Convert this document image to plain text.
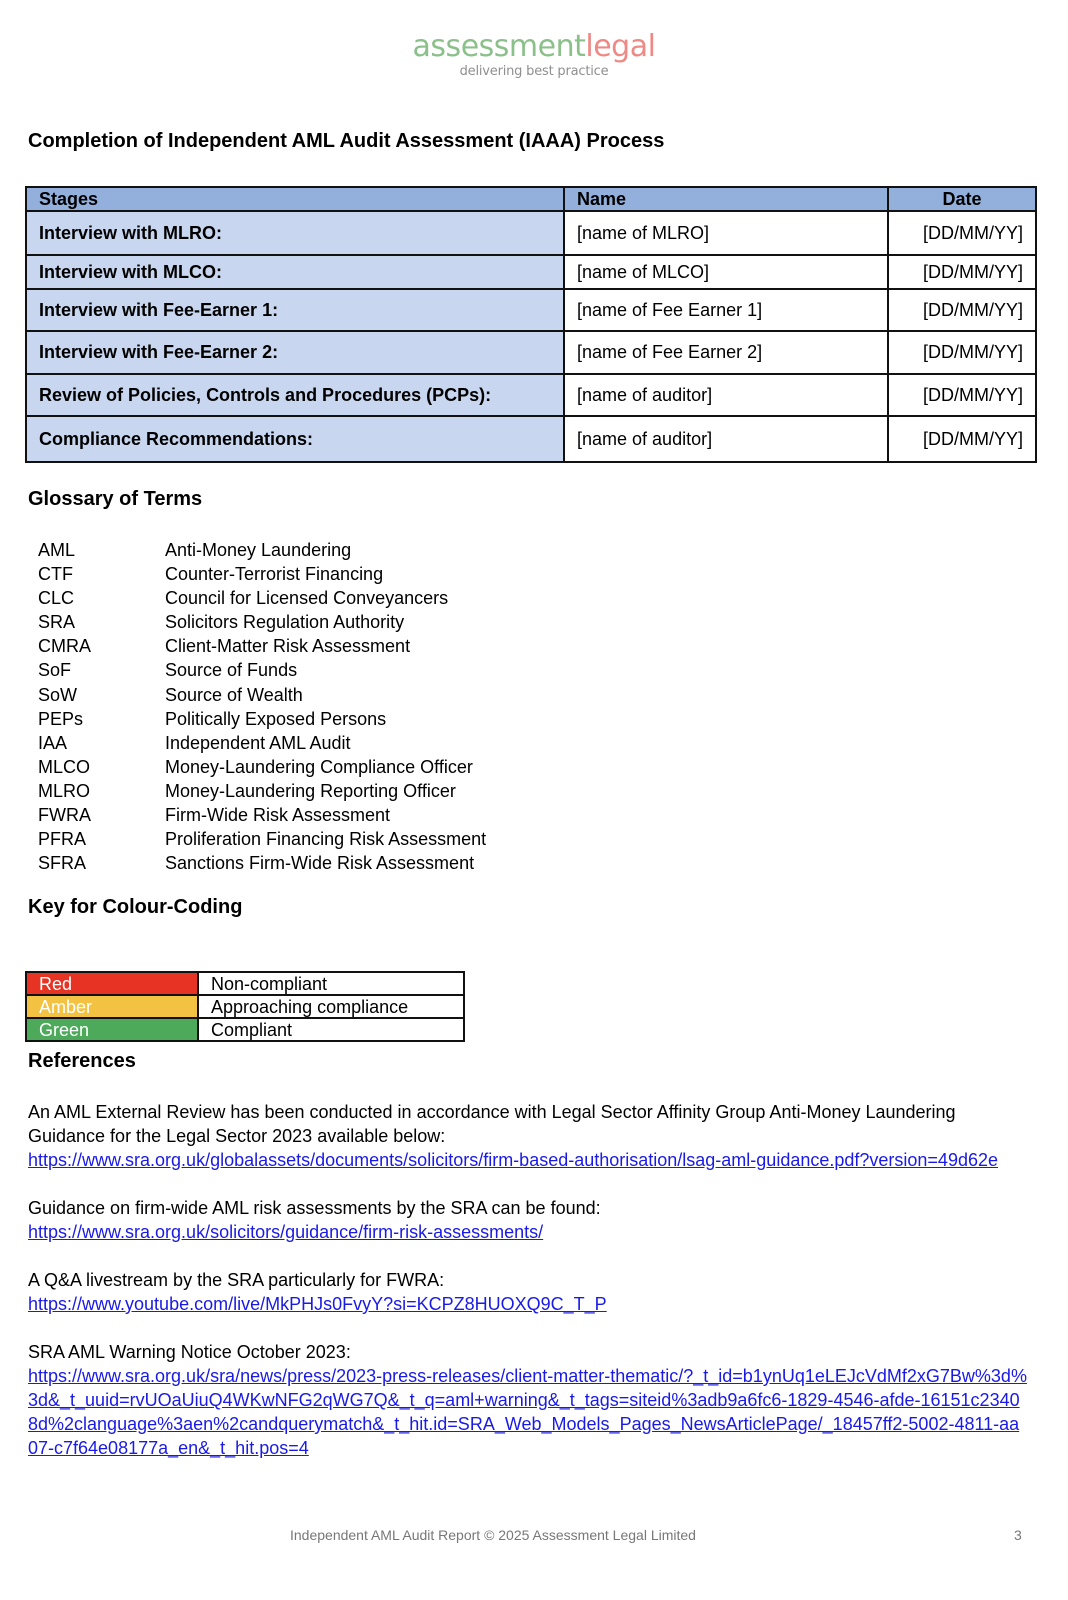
assessmentlegal
delivering best practice
Completion of Independent AML Audit Assessment (IAAA) Process
Stages	Name	Date
Interview with MLRO:	[name of MLRO]	[DD/MM/YY]
Interview with MLCO:	[name of MLCO]	[DD/MM/YY]
Interview with Fee-Earner 1:	[name of Fee Earner 1]	[DD/MM/YY]
Interview with Fee-Earner 2:	[name of Fee Earner 2]	[DD/MM/YY]
Review of Policies, Controls and Procedures (PCPs):	[name of auditor]	[DD/MM/YY]
Compliance Recommendations:	[name of auditor]	[DD/MM/YY]
Glossary of Terms
AML	Anti-Money Laundering
CTF	Counter-Terrorist Financing
CLC	Council for Licensed Conveyancers
SRA	Solicitors Regulation Authority
CMRA	Client-Matter Risk Assessment
SoF	Source of Funds
SoW	Source of Wealth
PEPs	Politically Exposed Persons
IAA	Independent AML Audit
MLCO	Money-Laundering Compliance Officer
MLRO	Money-Laundering Reporting Officer
FWRA	Firm-Wide Risk Assessment
PFRA	Proliferation Financing Risk Assessment
SFRA	Sanctions Firm-Wide Risk Assessment
Key for Colour-Coding
Red	Non-compliant
Amber	Approaching compliance
Green	Compliant
References

An AML External Review has been conducted in accordance with Legal Sector Affinity Group Anti-Money Laundering Guidance for the Legal Sector 2023 available below:
https://www.sra.org.uk/globalassets/documents/solicitors/firm-based-authorisation/lsag-aml-guidance.pdf?version=49d62e

Guidance on firm-wide AML risk assessments by the SRA can be found:
https://www.sra.org.uk/solicitors/guidance/firm-risk-assessments/

A Q&A livestream by the SRA particularly for FWRA:
https://www.youtube.com/live/MkPHJs0FvyY?si=KCPZ8HUOXQ9C_T_P

SRA AML Warning Notice October 2023:
https://www.sra.org.uk/sra/news/press/2023-press-releases/client-matter-thematic/?_t_id=b1ynUq1eLEJcVdMf2xG7Bw%3d%3d&_t_uuid=rvUOaUiuQ4WKwNFG2qWG7Q&_t_q=aml+warning&_t_tags=siteid%3adb9a6fc6-1829-4546-afde-16151c23408d%2clanguage%3aen%2candquerymatch&_t_hit.id=SRA_Web_Models_Pages_NewsArticlePage/_18457ff2-5002-4811-aa07-c7f64e08177a_en&_t_hit.pos=4

Independent AML Audit Report © 2025 Assessment Legal Limited	3
